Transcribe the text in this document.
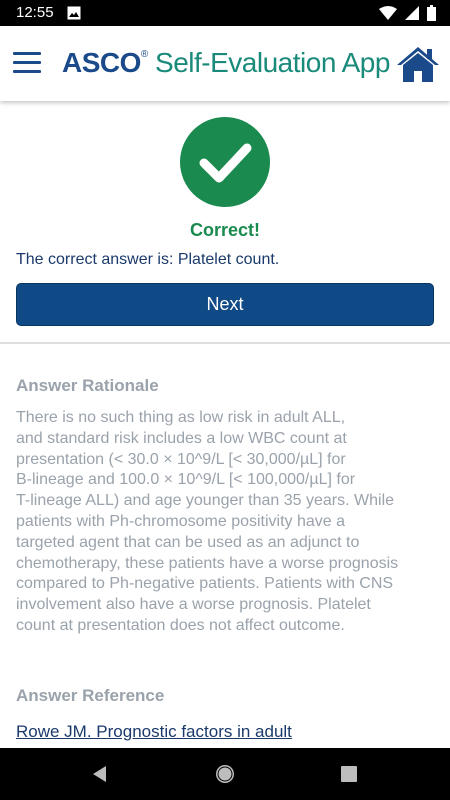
12:55
ASCO® Self-Evaluation App
Correct!
The correct answer is: Platelet count.
Next
Answer Rationale
There is no such thing as low risk in adult ALL,
and standard risk includes a low WBC count at
presentation (< 30.0 × 10^9/L [< 30,000/µL] for
B-lineage and 100.0 × 10^9/L [< 100,000/µL] for
T-lineage ALL) and age younger than 35 years. While
patients with Ph-chromosome positivity have a
targeted agent that can be used as an adjunct to
chemotherapy, these patients have a worse prognosis
compared to Ph-negative patients. Patients with CNS
involvement also have a worse prognosis. Platelet
count at presentation does not affect outcome.
Answer Reference
Rowe JM. Prognostic factors in adult
